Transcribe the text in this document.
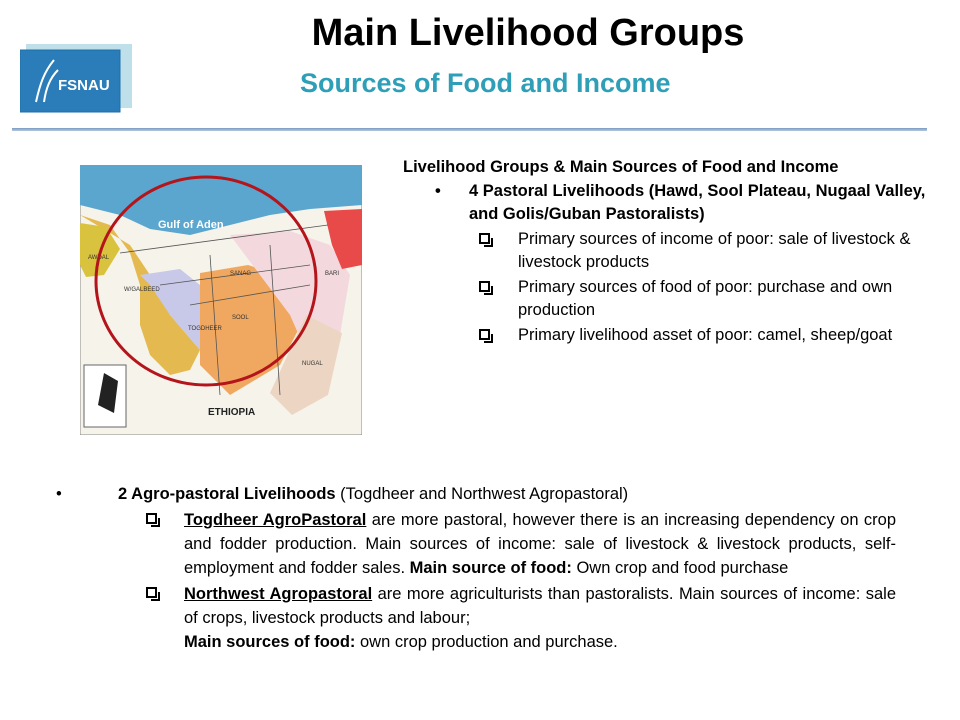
FSNAU
Main Livelihood Groups
Sources of Food and Income
Gulf of Aden
ETHIOPIA
SANAG	BARI
SOOL
TOGDHEER
W/GALBEED
AWDAL
NUGAL
Livelihood Groups & Main Sources of Food and Income
• 4 Pastoral Livelihoods (Hawd, Sool Plateau, Nugaal Valley, and Golis/Guban Pastoralists)
Primary sources of income of poor: sale of livestock & livestock products
Primary sources of food of poor: purchase and own production
Primary livelihood asset of poor: camel, sheep/goat
•	2 Agro-pastoral Livelihoods (Togdheer and Northwest Agropastoral)
Togdheer AgroPastoral are more pastoral, however there is an increasing dependency on crop and fodder production. Main sources of income: sale of livestock & livestock products, self-employment and fodder sales. Main source of food: Own crop and food purchase
Northwest Agropastoral are more agriculturists than pastoralists. Main sources of income: sale of crops, livestock products and labour;
Main sources of food: own crop production and purchase.
